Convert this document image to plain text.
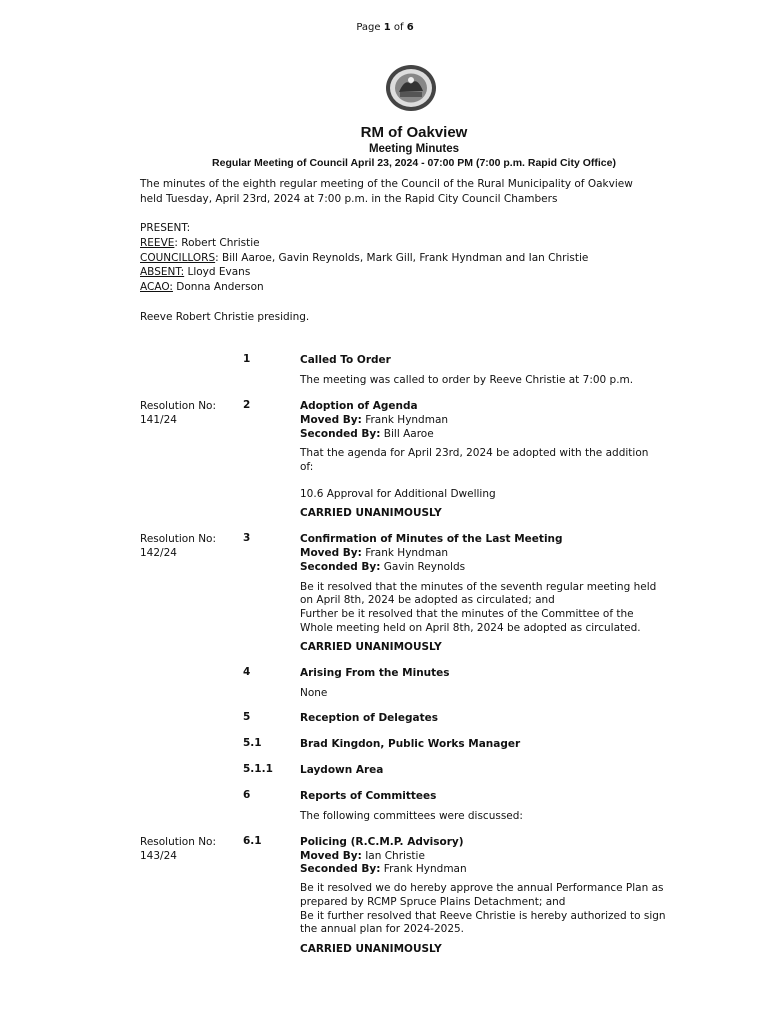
Page 1 of 6
RM of Oakview
Meeting Minutes
Regular Meeting of Council April 23, 2024 - 07:00 PM (7:00 p.m. Rapid City Office)
The minutes of the eighth regular meeting of the Council of the Rural Municipality of Oakview
held Tuesday, April 23rd, 2024 at 7:00 p.m. in the Rapid City Council Chambers
PRESENT:
REEVE: Robert Christie
COUNCILLORS: Bill Aaroe, Gavin Reynolds, Mark Gill, Frank Hyndman and Ian Christie
ABSENT: Lloyd Evans
ACAO: Donna Anderson
Reeve Robert Christie presiding.
1	Called To Order
The meeting was called to order by Reeve Christie at 7:00 p.m.
Resolution No:
141/24
2	Adoption of Agenda
Moved By: Frank Hyndman
Seconded By: Bill Aaroe
That the agenda for April 23rd, 2024 be adopted with the addition
of:
10.6 Approval for Additional Dwelling
CARRIED UNANIMOUSLY
Resolution No:
142/24
3	Confirmation of Minutes of the Last Meeting
Moved By: Frank Hyndman
Seconded By: Gavin Reynolds
Be it resolved that the minutes of the seventh regular meeting held
on April 8th, 2024 be adopted as circulated; and
Further be it resolved that the minutes of the Committee of the
Whole meeting held on April 8th, 2024 be adopted as circulated.
CARRIED UNANIMOUSLY
4	Arising From the Minutes
None
5	Reception of Delegates
5.1	Brad Kingdon, Public Works Manager
5.1.1	Laydown Area
6	Reports of Committees
The following committees were discussed:
Resolution No:
143/24
6.1	Policing (R.C.M.P. Advisory)
Moved By: Ian Christie
Seconded By: Frank Hyndman
Be it resolved we do hereby approve the annual Performance Plan as
prepared by RCMP Spruce Plains Detachment; and
Be it further resolved that Reeve Christie is hereby authorized to sign
the annual plan for 2024-2025.
CARRIED UNANIMOUSLY
